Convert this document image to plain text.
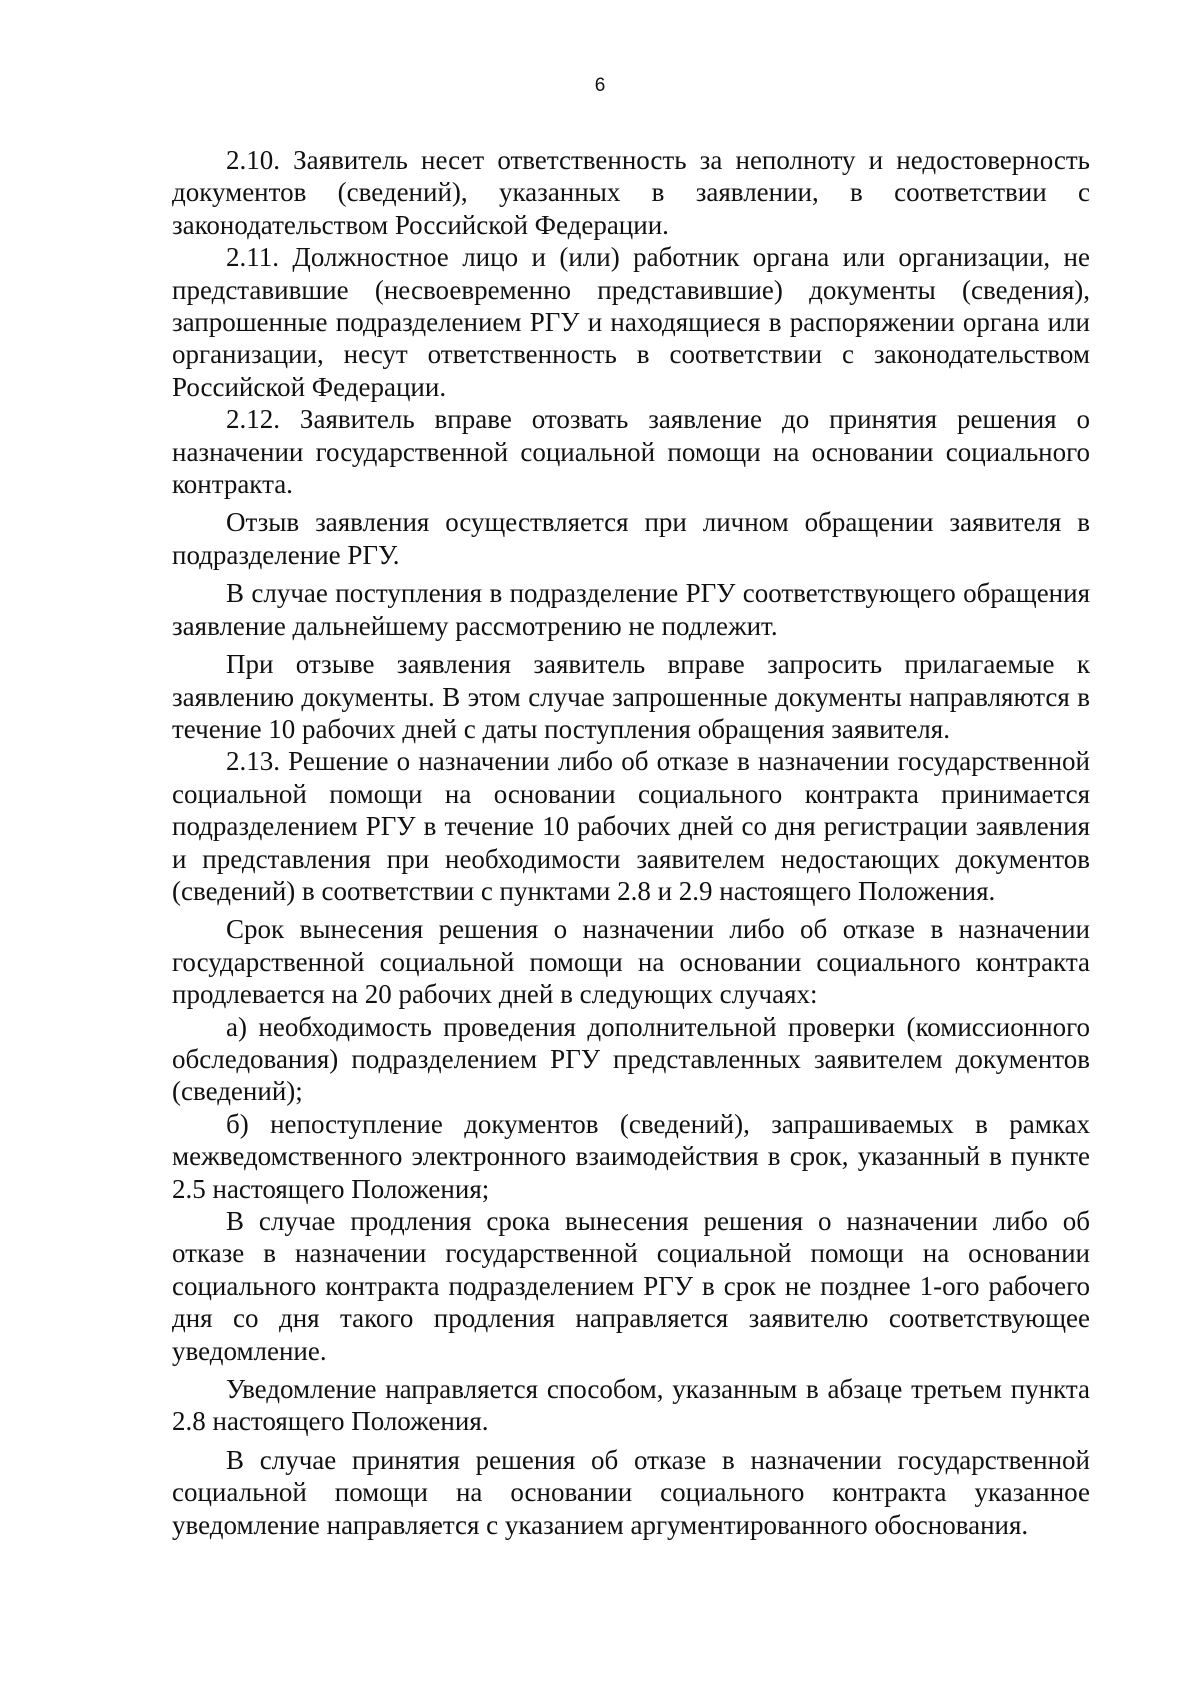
6

2.10. Заявитель несет ответственность за неполноту и недостоверность документов (сведений), указанных в заявлении, в соответствии с законодательством Российской Федерации.

2.11. Должностное лицо и (или) работник органа или организации, не представившие (несвоевременно представившие) документы (сведения), запрошенные подразделением РГУ и находящиеся в распоряжении органа или организации, несут ответственность в соответствии с законодательством Российской Федерации.

2.12. Заявитель вправе отозвать заявление до принятия решения о назначении государственной социальной помощи на основании социального контракта.

Отзыв заявления осуществляется при личном обращении заявителя в подразделение РГУ.

В случае поступления в подразделение РГУ соответствующего обращения заявление дальнейшему рассмотрению не подлежит.

При отзыве заявления заявитель вправе запросить прилагаемые к заявлению документы. В этом случае запрошенные документы направляются в течение 10 рабочих дней с даты поступления обращения заявителя.

2.13. Решение о назначении либо об отказе в назначении государственной социальной помощи на основании социального контракта принимается подразделением РГУ в течение 10 рабочих дней со дня регистрации заявления и представления при необходимости заявителем недостающих документов (сведений) в соответствии с пунктами 2.8 и 2.9 настоящего Положения.

Срок вынесения решения о назначении либо об отказе в назначении государственной социальной помощи на основании социального контракта продлевается на 20 рабочих дней в следующих случаях:

а) необходимость проведения дополнительной проверки (комиссионного обследования) подразделением РГУ представленных заявителем документов (сведений);

б) непоступление документов (сведений), запрашиваемых в рамках межведомственного электронного взаимодействия в срок, указанный в пункте 2.5 настоящего Положения;

В случае продления срока вынесения решения о назначении либо об отказе в назначении государственной социальной помощи на основании социального контракта подразделением РГУ в срок не позднее 1-ого рабочего дня со дня такого продления направляется заявителю соответствующее уведомление.

Уведомление направляется способом, указанным в абзаце третьем пункта 2.8 настоящего Положения.

В случае принятия решения об отказе в назначении государственной социальной помощи на основании социального контракта указанное уведомление направляется с указанием аргументированного обоснования.
